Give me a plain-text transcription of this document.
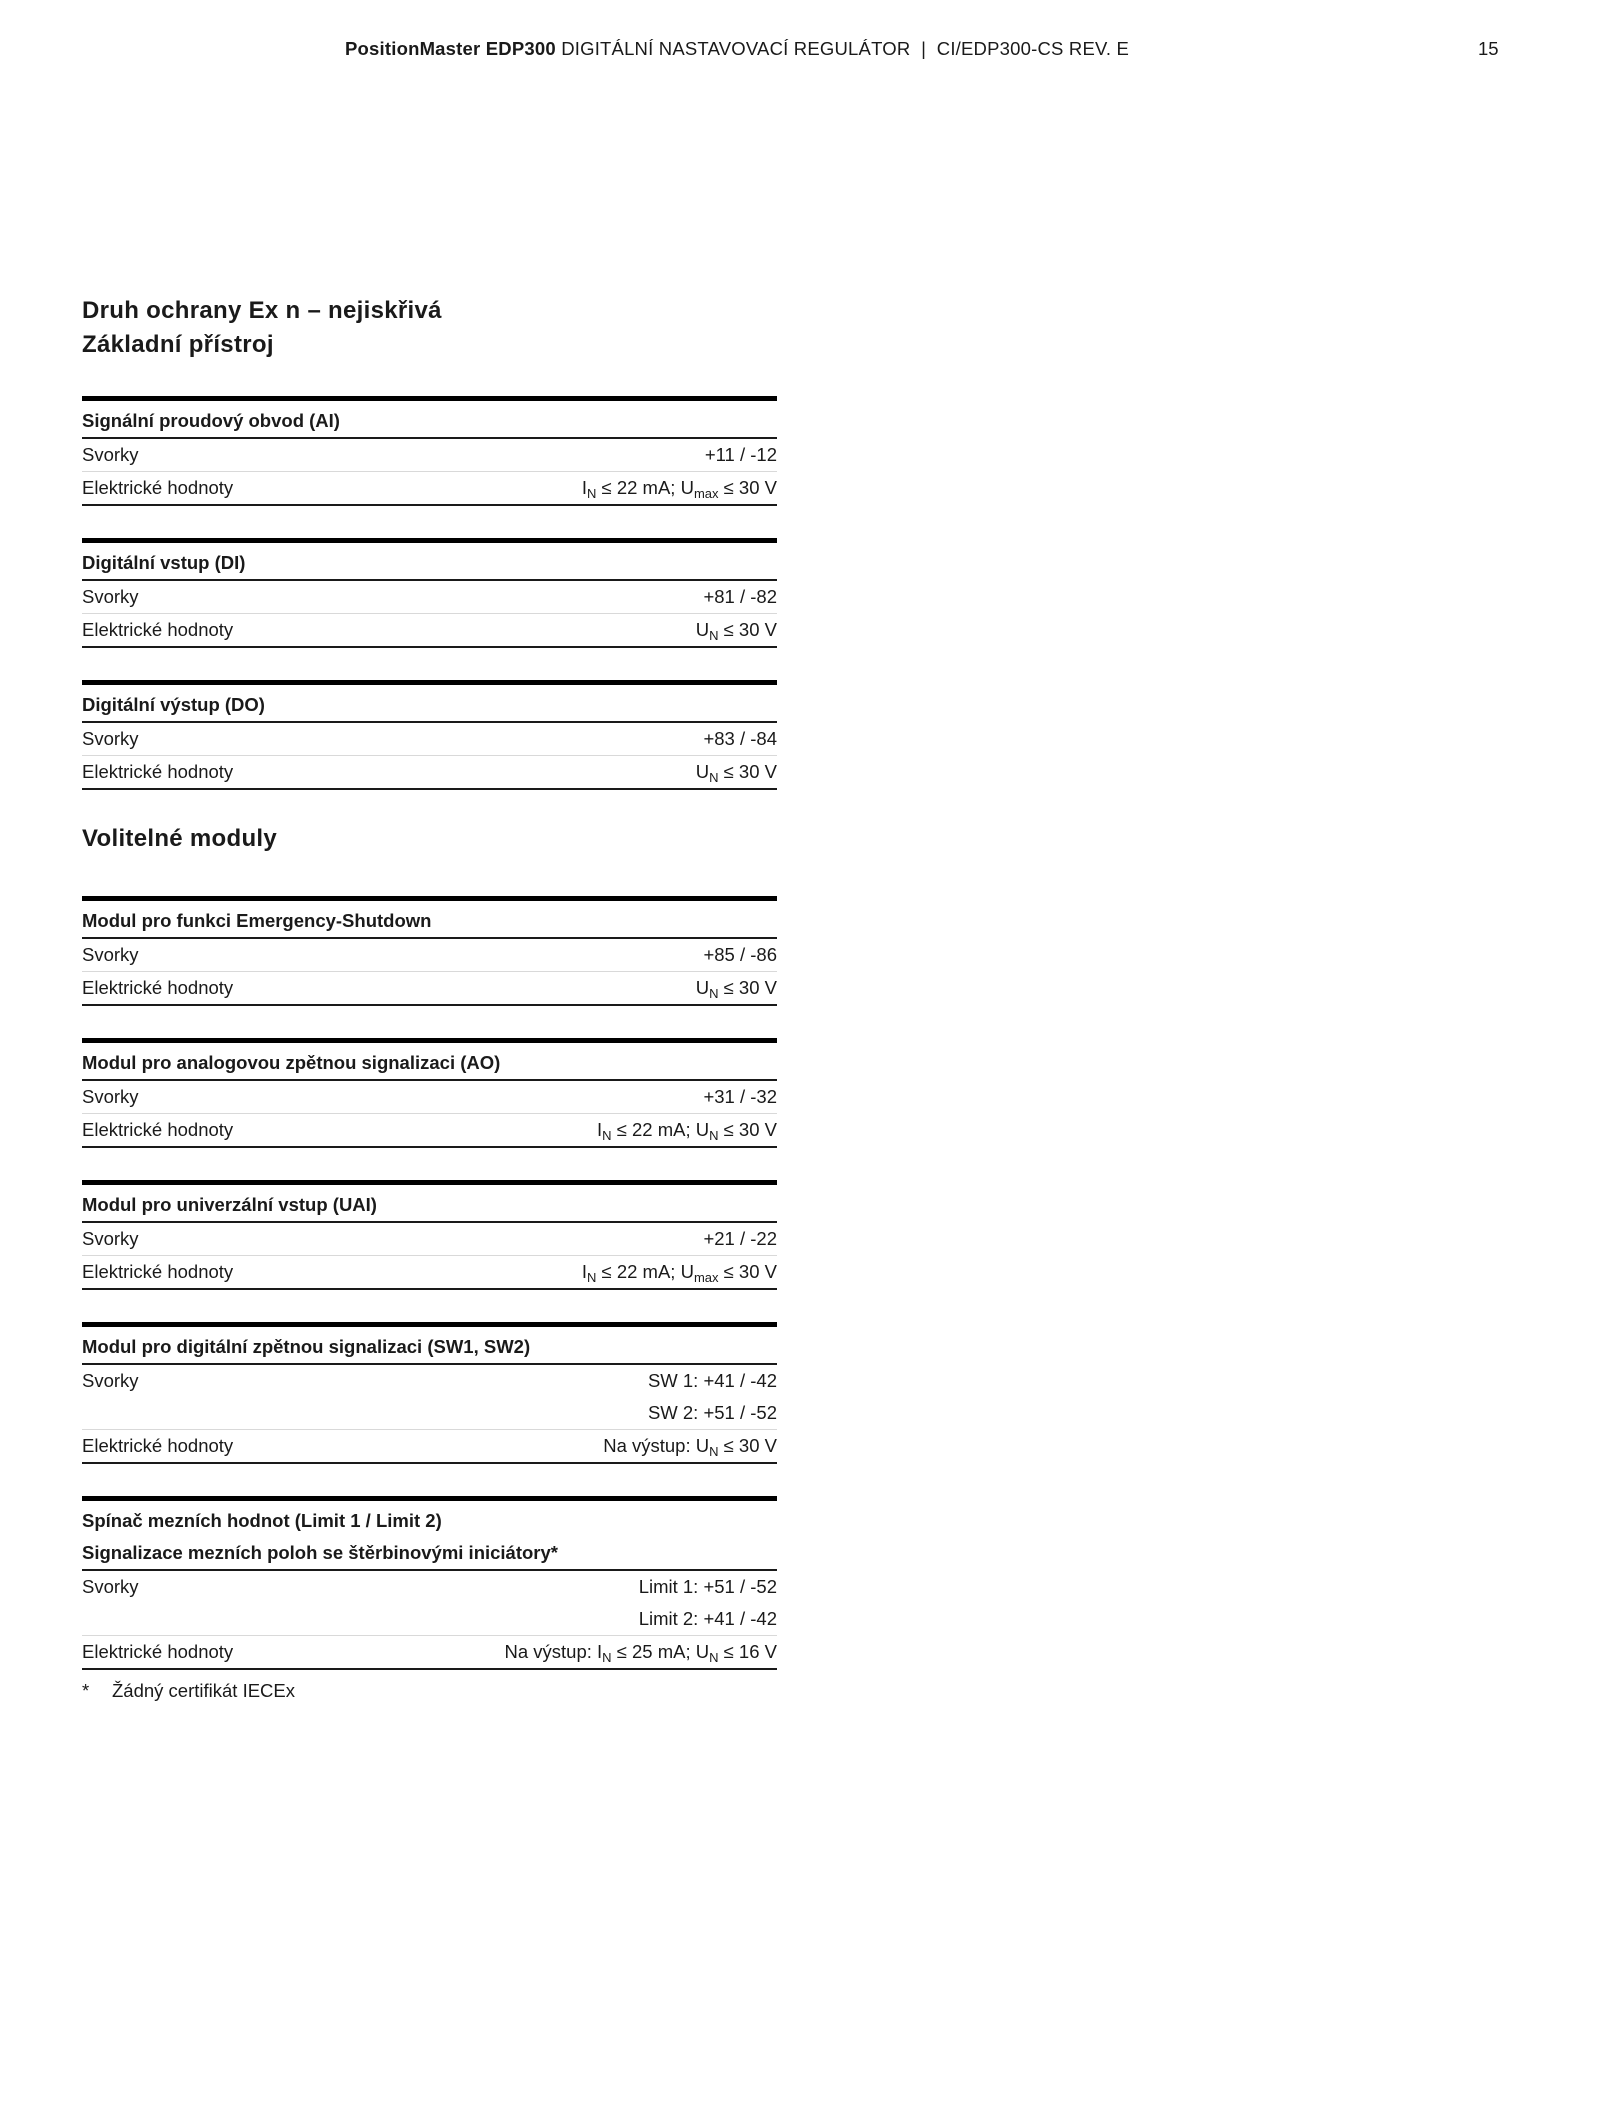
PositionMaster EDP300 DIGITÁLNÍ NASTAVOVACÍ REGULÁTOR  |  CI/EDP300-CS REV. E	15
Druh ochrany Ex n – nejiskřivá
Základní přístroj
Signální proudový obvod (AI)	
Svorky	+11 / -12
Elektrické hodnoty	$I_N \le 22$ mA; $U_{max} \le 30$ V
Digitální vstup (DI)	
Svorky	+81 / -82
Elektrické hodnoty	$U_N \le 30$ V
Digitální výstup (DO)	
Svorky	+83 / -84
Elektrické hodnoty	$U_N \le 30$ V
Volitelné moduly
Modul pro funkci Emergency-Shutdown	
Svorky	+85 / -86
Elektrické hodnoty	$U_N \le 30$ V
Modul pro analogovou zpětnou signalizaci (AO)	
Svorky	+31 / -32
Elektrické hodnoty	$I_N \le 22$ mA; $U_N \le 30$ V
Modul pro univerzální vstup (UAI)	
Svorky	+21 / -22
Elektrické hodnoty	$I_N \le 22$ mA; $U_{max} \le 30$ V
Modul pro digitální zpětnou signalizaci (SW1, SW2)	
Svorky	SW 1: +41 / -42
	SW 2: +51 / -52
Elektrické hodnoty	Na výstup: $U_N \le 30$ V
Spínač mezních hodnot (Limit 1 / Limit 2)	
Signalizace mezních poloh se štěrbinovými iniciátory*	
Svorky	Limit 1: +51 / -52
	Limit 2: +41 / -42
Elektrické hodnoty	Na výstup: $I_N \le 25$ mA; $U_N \le 16$ V
*	Žádný certifikát IECEx
